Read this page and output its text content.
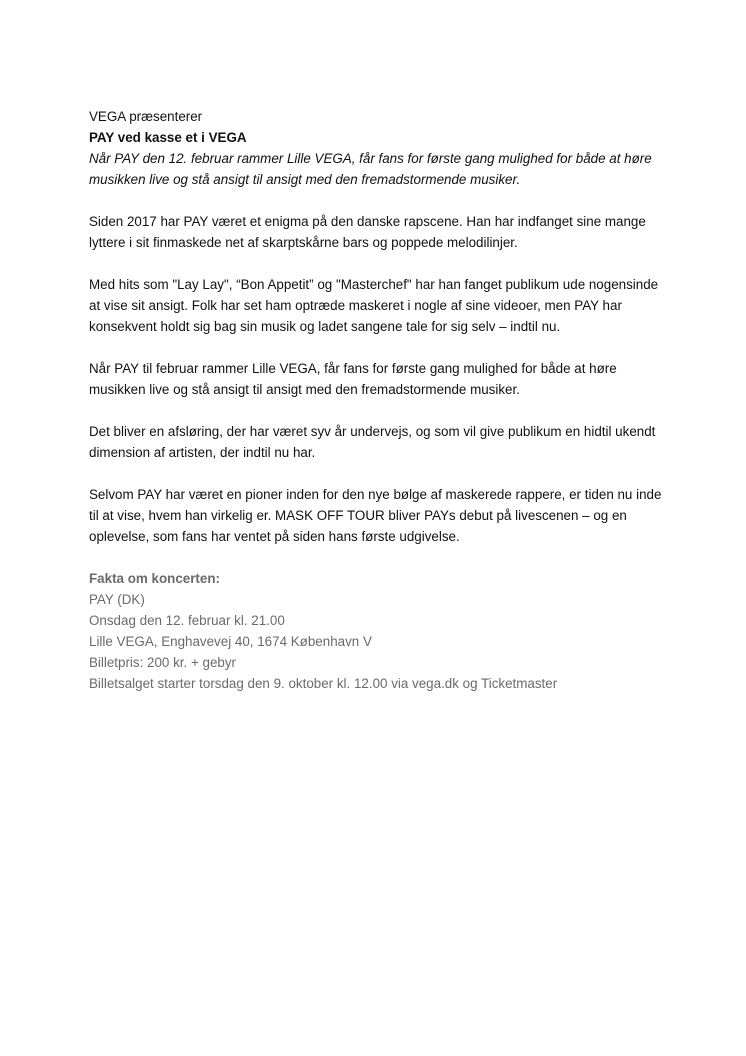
VEGA præsenterer

PAY ved kasse et i VEGA

Når PAY den 12. februar rammer Lille VEGA, får fans for første gang mulighed for både at høre musikken live og stå ansigt til ansigt med den fremadstormende musiker.

Siden 2017 har PAY været et enigma på den danske rapscene. Han har indfanget sine mange lyttere i sit finmaskede net af skarptskårne bars og poppede melodilinjer.

Med hits som "Lay Lay", “Bon Appetit” og "Masterchef" har han fanget publikum ude nogensinde at vise sit ansigt. Folk har set ham optræde maskeret i nogle af sine videoer, men PAY har konsekvent holdt sig bag sin musik og ladet sangene tale for sig selv – indtil nu.

Når PAY til februar rammer Lille VEGA, får fans for første gang mulighed for både at høre musikken live og stå ansigt til ansigt med den fremadstormende musiker.

Det bliver en afsløring, der har været syv år undervejs, og som vil give publikum en hidtil ukendt dimension af artisten, der indtil nu har.

Selvom PAY har været en pioner inden for den nye bølge af maskerede rappere, er tiden nu inde til at vise, hvem han virkelig er. MASK OFF TOUR bliver PAYs debut på livescenen – og en oplevelse, som fans har ventet på siden hans første udgivelse.

Fakta om koncerten:

PAY (DK)

Onsdag den 12. februar kl. 21.00

Lille VEGA, Enghavevej 40, 1674 København V

Billetpris: 200 kr. + gebyr

Billetsalget starter torsdag den 9. oktober kl. 12.00 via vega.dk og Ticketmaster
